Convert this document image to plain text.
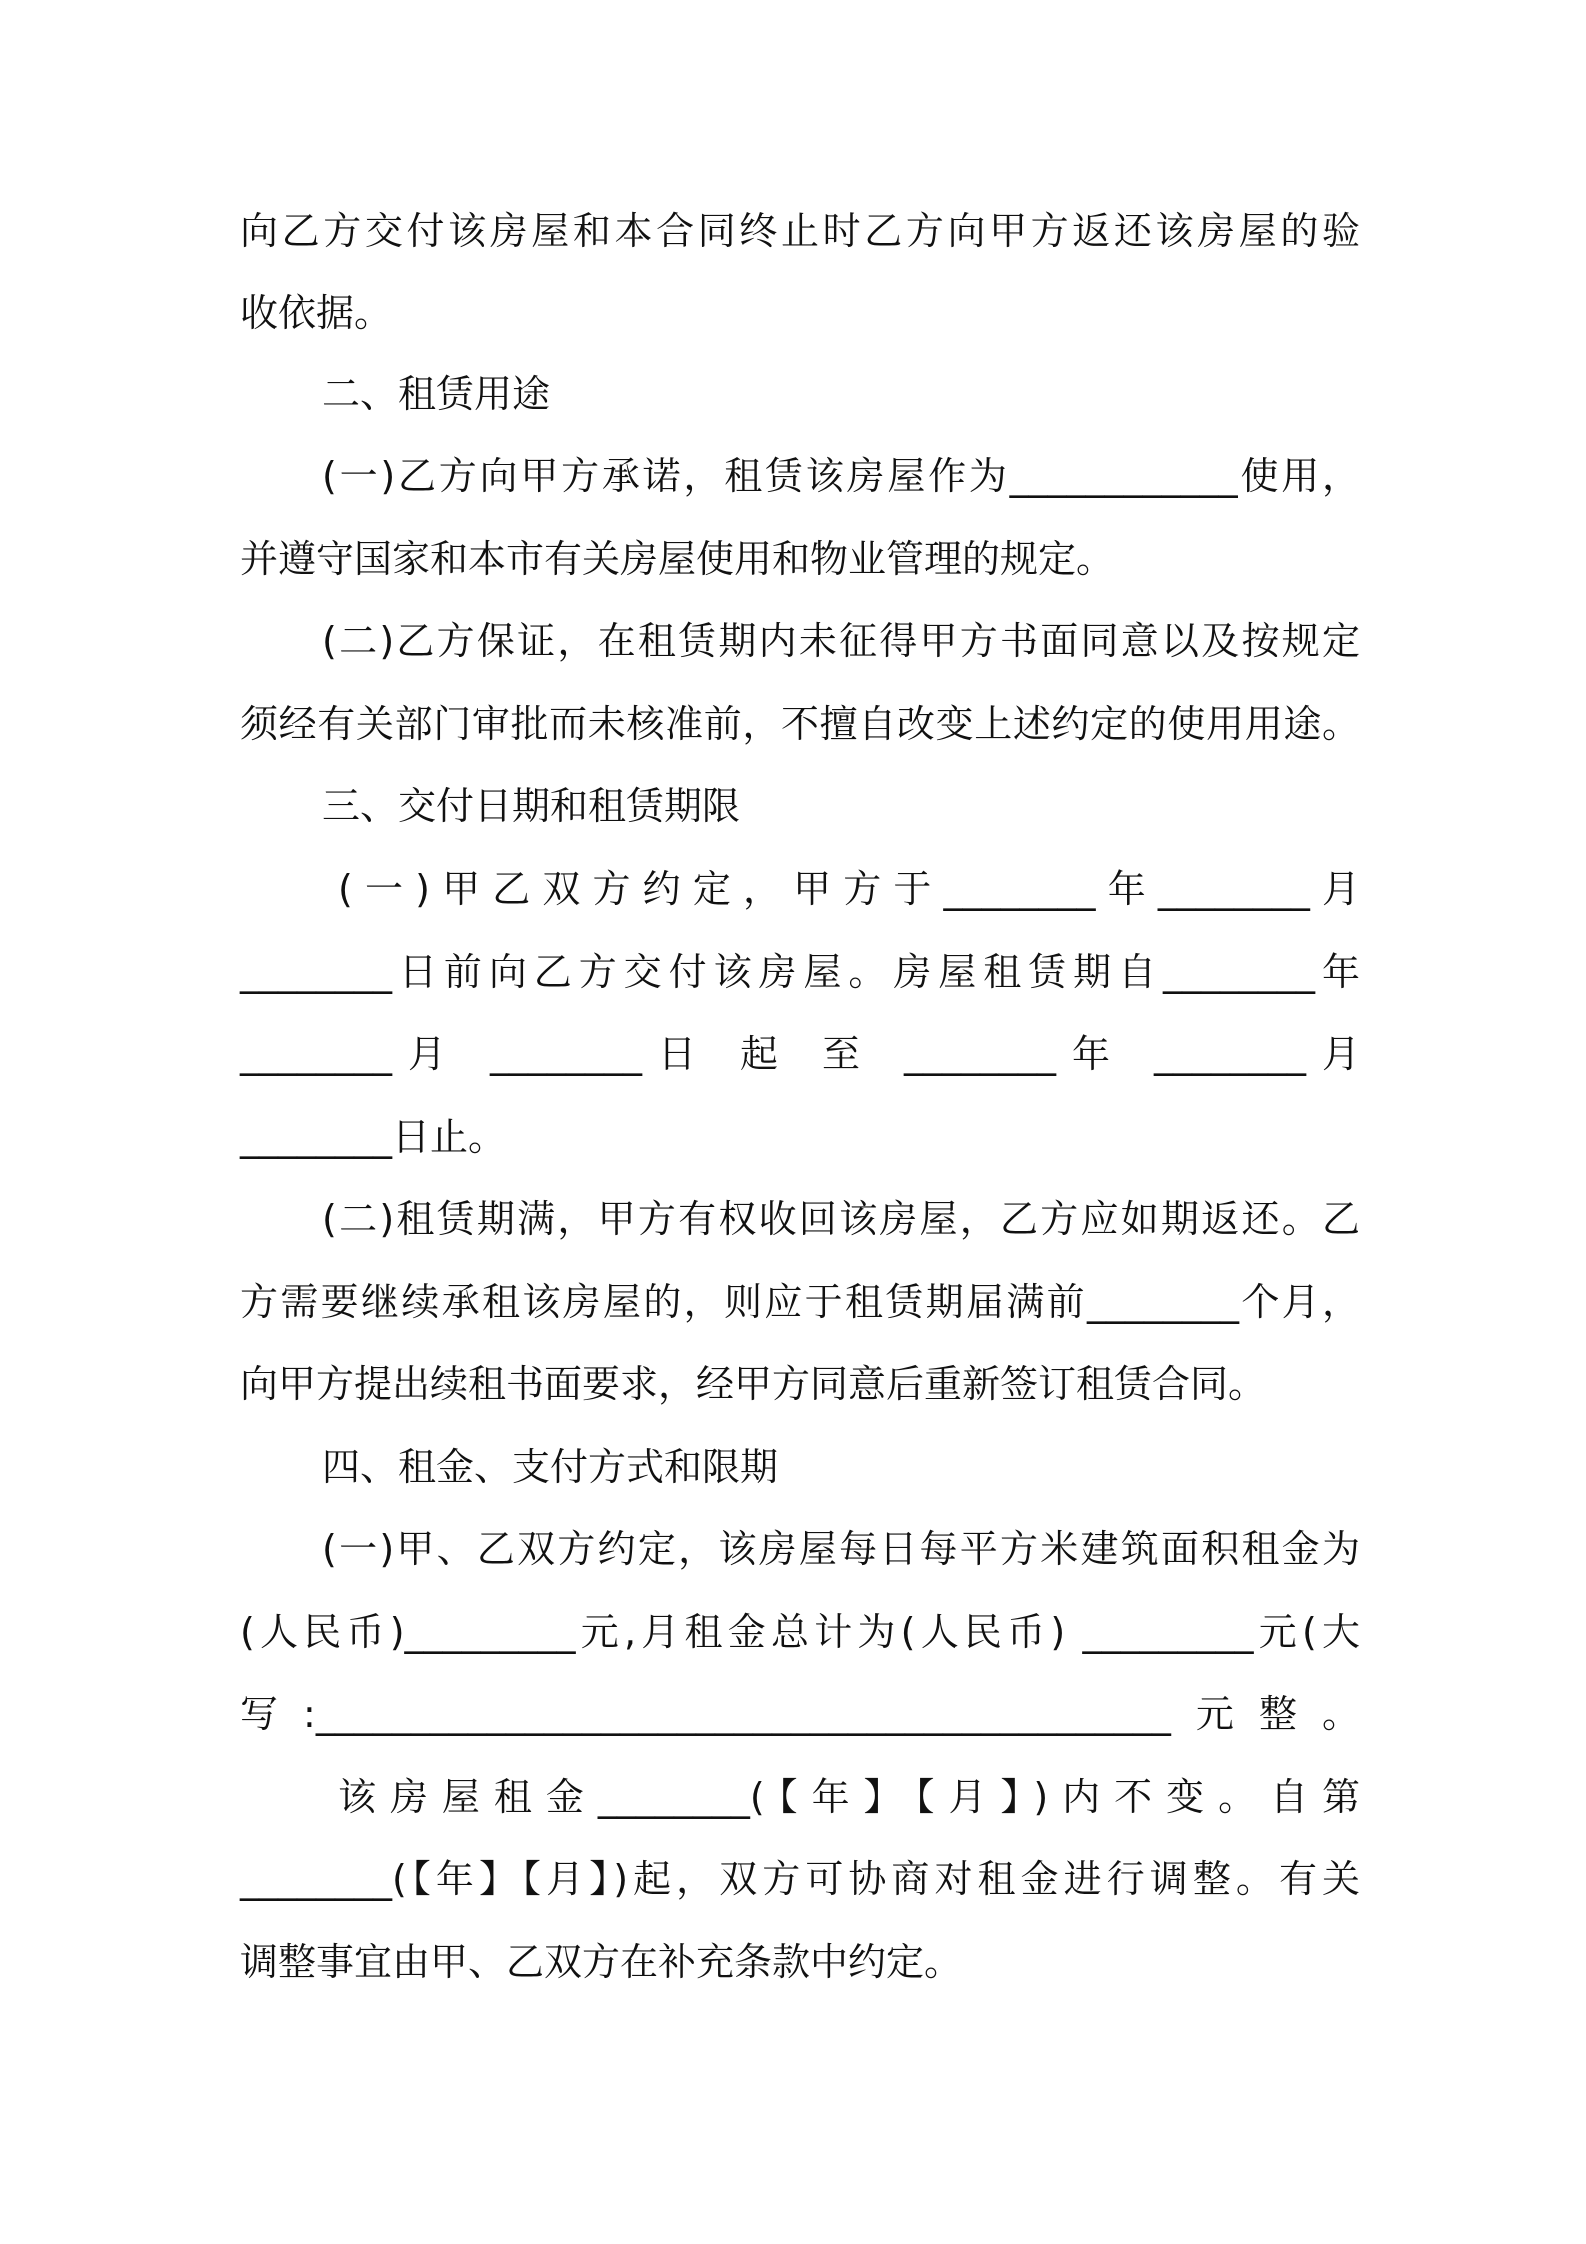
向乙方交付该房屋和本合同终止时乙方向甲方返还该房屋的验
收依据。
二、租赁用途
(一)乙方向甲方承诺，租赁该房屋作为____________使用，
并遵守国家和本市有关房屋使用和物业管理的规定。
(二)乙方保证，在租赁期内未征得甲方书面同意以及按规定
须经有关部门审批而未核准前，不擅自改变上述约定的使用用途。
三、交付日期和租赁期限
(一)甲乙双方约定，甲方于________年________月
________日前向乙方交付该房屋。房屋租赁期自________年
________月 ________日 起 至 ________年 ________月
________日止。
(二)租赁期满，甲方有权收回该房屋，乙方应如期返还。乙
方需要继续承租该房屋的，则应于租赁期届满前________个月，
向甲方提出续租书面要求，经甲方同意后重新签订租赁合同。
四、租金、支付方式和限期
(一)甲、乙双方约定，该房屋每日每平方米建筑面积租金为
(人民币)_________元,月租金总计为(人民币) _________元(大
写:_____________________________________________元整。
该房屋租金________(【年】【月】)内不变。自第
________(【年】【月】)起，双方可协商对租金进行调整。有关
调整事宜由甲、乙双方在补充条款中约定。
